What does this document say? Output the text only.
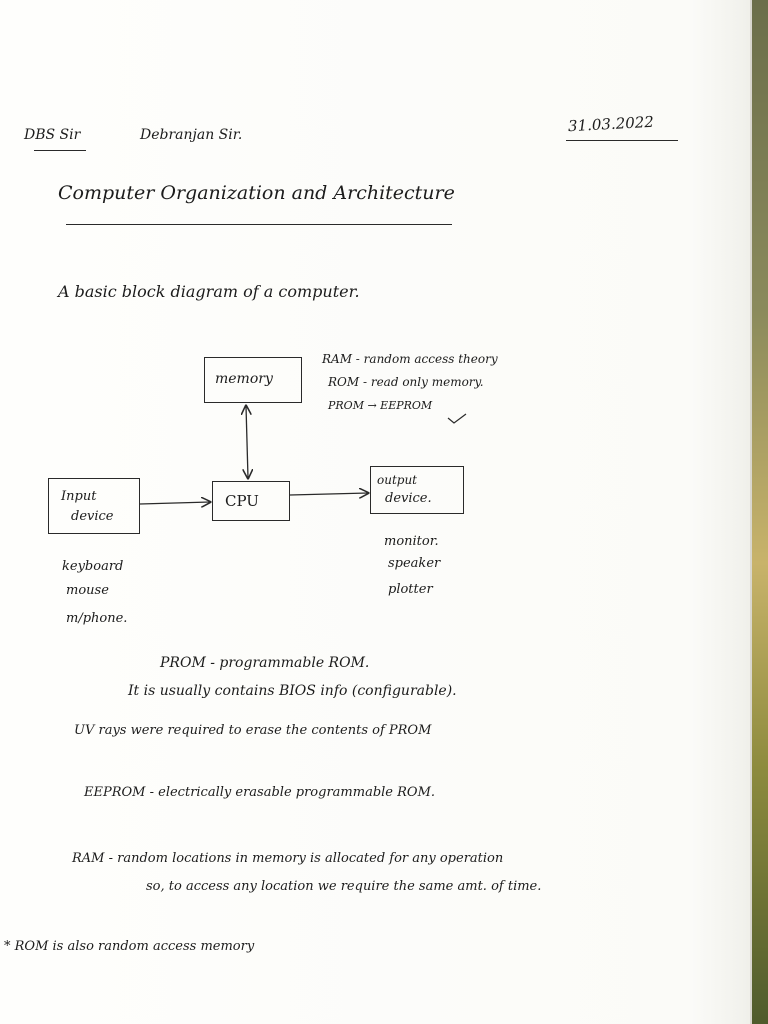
DBS Sir	Debranjan Sir.	31.03.2022
Computer Organization and Architecture
A basic block diagram of a computer.
memory
CPU
Input
device
output
device.
RAM - random access theory
ROM - read only memory.
PROM → EEPROM
keyboard
mouse
m/phone.
monitor.
speaker
plotter
PROM - programmable ROM.
It is usually contains BIOS info (configurable).
UV rays were required to erase the contents of PROM
EEPROM - electrically erasable programmable ROM.
RAM - random locations in memory is allocated for any operation
so, to access any location we require the same amt. of time.
* ROM is also random access memory
